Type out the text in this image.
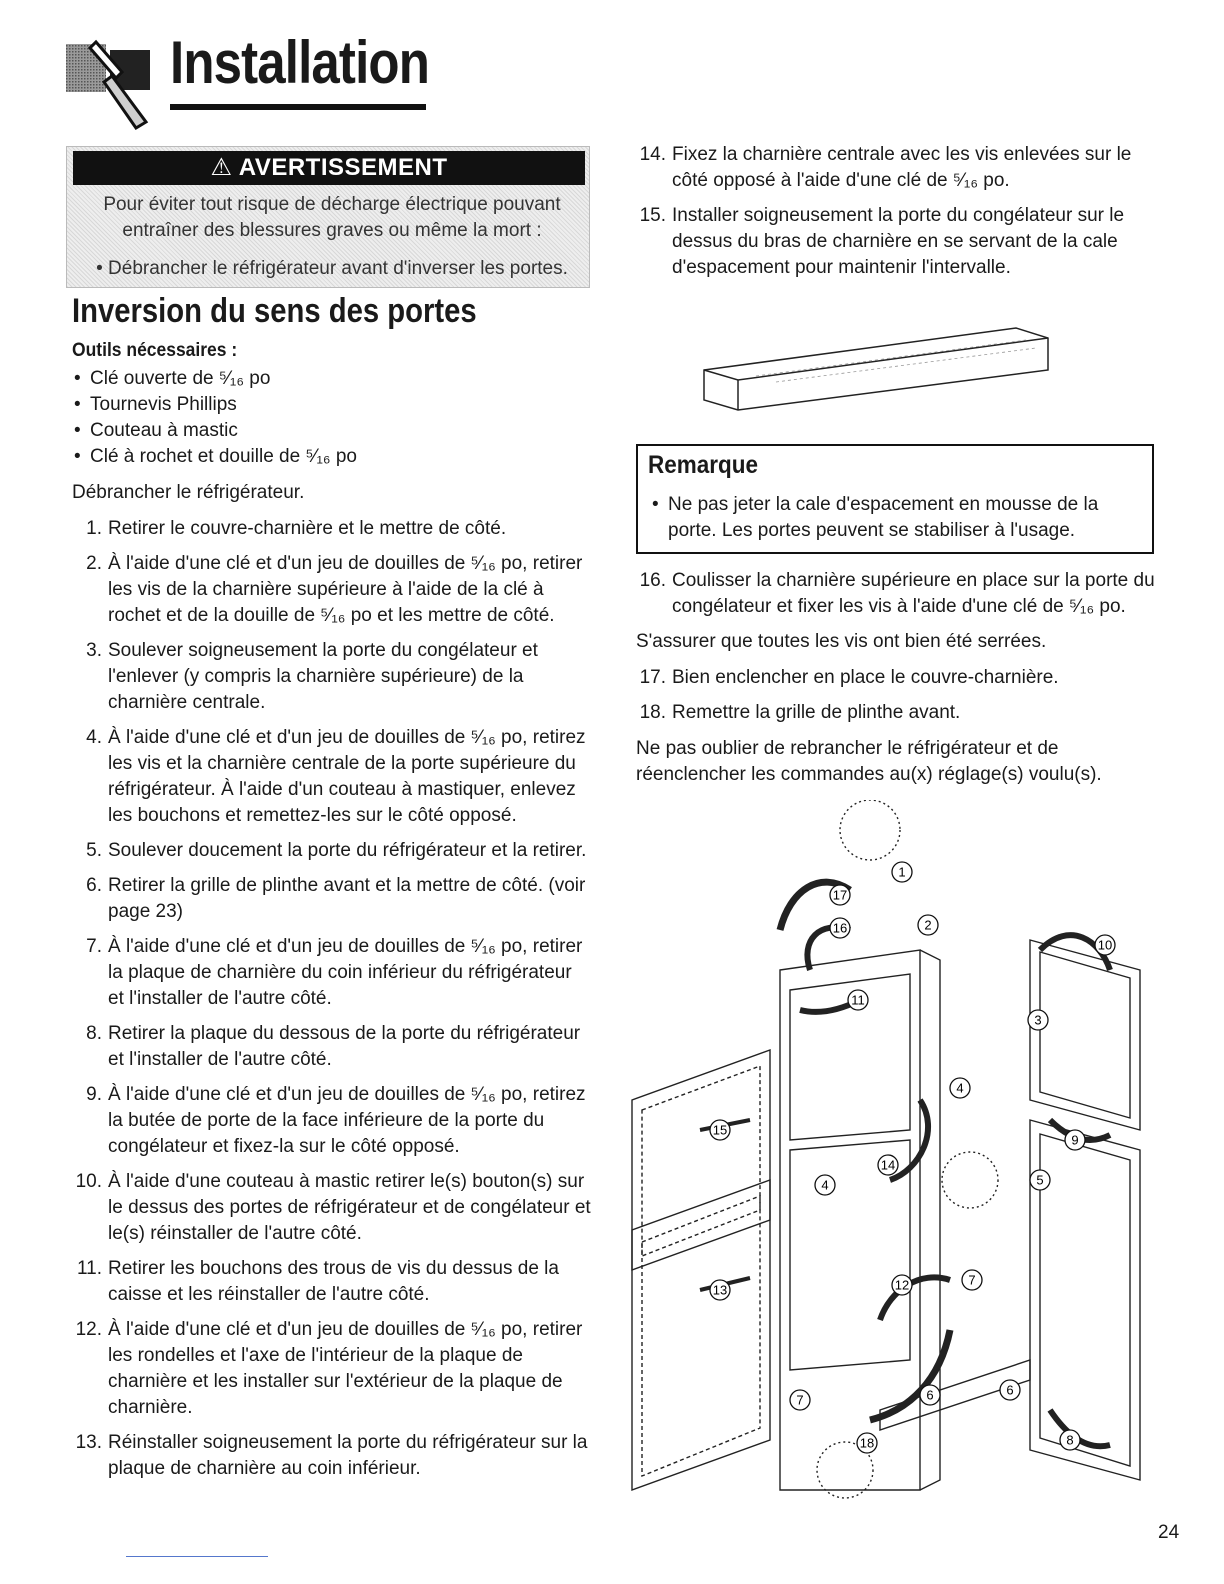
Installation
⚠ AVERTISSEMENT
Pour éviter tout risque de décharge électrique pouvant
entraîner des blessures graves ou même la mort :
• Débrancher le réfrigérateur avant d'inverser les portes.
Inversion du sens des portes
Outils nécessaires :
• Clé ouverte de ⁵⁄₁₆ po
• Tournevis Phillips
• Couteau à mastic
• Clé à rochet et douille de ⁵⁄₁₆ po
Débrancher le réfrigérateur.
1. Retirer le couvre-charnière et le mettre de côté.
2. À l'aide d'une clé et d'un jeu de douilles de ⁵⁄₁₆ po, retirer les vis de la charnière supérieure à l'aide de la clé à rochet et de la douille de ⁵⁄₁₆ po et les mettre de côté.
3. Soulever soigneusement la porte du congélateur et l'enlever (y compris la charnière supérieure) de la charnière centrale.
4. À l'aide d'une clé et d'un jeu de douilles de ⁵⁄₁₆ po, retirez les vis et la charnière centrale de la porte supérieure du réfrigérateur. À l'aide d'un couteau à mastiquer, enlevez les bouchons et remettez-les sur le côté opposé.
5. Soulever doucement la porte du réfrigérateur et la retirer.
6. Retirer la grille de plinthe avant et la mettre de côté. (voir page 23)
7. À l'aide d'une clé et d'un jeu de douilles de ⁵⁄₁₆ po, retirer la plaque de charnière du coin inférieur du réfrigérateur et l'installer de l'autre côté.
8. Retirer la plaque du dessous de la porte du réfrigérateur et l'installer de l'autre côté.
9. À l'aide d'une clé et d'un jeu de douilles de ⁵⁄₁₆ po, retirez la butée de porte de la face inférieure de la porte du congélateur et fixez-la sur le côté opposé.
10. À l'aide d'une couteau à mastic retirer le(s) bouton(s) sur le dessus des portes de réfrigérateur et de congélateur et le(s) réinstaller de l'autre côté.
11. Retirer les bouchons des trous de vis du dessus de la caisse et les réinstaller de l'autre côté.
12. À l'aide d'une clé et d'un jeu de douilles de ⁵⁄₁₆ po, retirer les rondelles et l'axe de l'intérieur de la plaque de charnière et les installer sur l'extérieur de la plaque de charnière.
13. Réinstaller soigneusement la porte du réfrigérateur sur la plaque de charnière au coin inférieur.
14. Fixez la charnière centrale avec les vis enlevées sur le côté opposé à l'aide d'une clé de ⁵⁄₁₆ po.
15. Installer soigneusement la porte du congélateur sur le dessus du bras de charnière en se servant de la cale d'espacement pour maintenir l'intervalle.
Remarque
• Ne pas jeter la cale d'espacement en mousse de la porte. Les portes peuvent se stabiliser à l'usage.
16. Coulisser la charnière supérieure en place sur la porte du congélateur et fixer les vis à l'aide d'une clé de ⁵⁄₁₆ po.
S'assurer que toutes les vis ont bien été serrées.
17. Bien enclencher en place le couvre-charnière.
18. Remettre la grille de plinthe avant.
Ne pas oublier de rebrancher le réfrigérateur et de réenclencher les commandes au(x) réglage(s) voulu(s).
1
2
3
4
4	5
6
6
7
7
8
9
10
11
12
13
14
15
16
17
18
24
